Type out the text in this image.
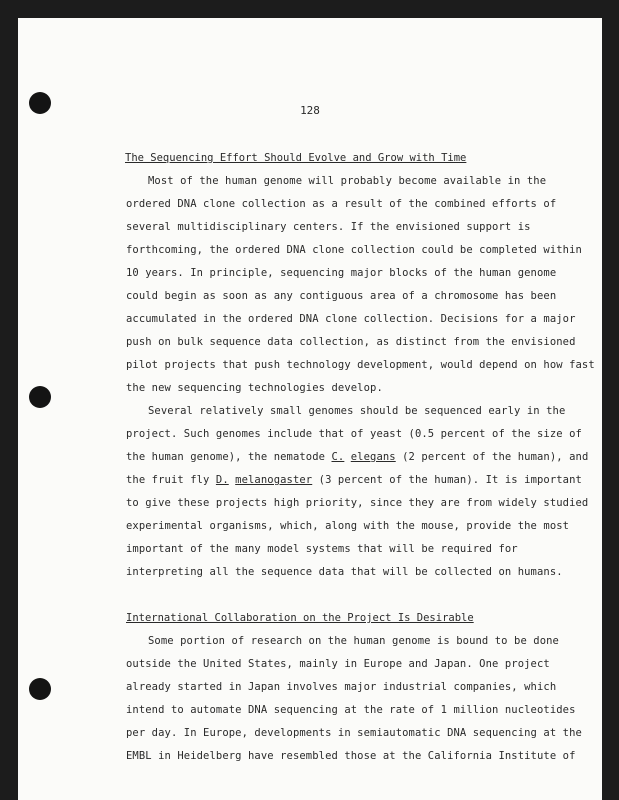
128
The Sequencing Effort Should Evolve and Grow with Time
Most of the human genome will probably become available in the
ordered DNA clone collection as a result of the combined efforts of
several multidisciplinary centers. If the envisioned support is
forthcoming, the ordered DNA clone collection could be completed within
10 years. In principle, sequencing major blocks of the human genome
could begin as soon as any contiguous area of a chromosome has been
accumulated in the ordered DNA clone collection. Decisions for a major
push on bulk sequence data collection, as distinct from the envisioned
pilot projects that push technology development, would depend on how fast
the new sequencing technologies develop.
Several relatively small genomes should be sequenced early in the
project. Such genomes include that of yeast (0.5 percent of the size of
the human genome), the nematode C. elegans (2 percent of the human), and
the fruit fly D. melanogaster (3 percent of the human). It is important
to give these projects high priority, since they are from widely studied
experimental organisms, which, along with the mouse, provide the most
important of the many model systems that will be required for
interpreting all the sequence data that will be collected on humans.
International Collaboration on the Project Is Desirable
Some portion of research on the human genome is bound to be done
outside the United States, mainly in Europe and Japan. One project
already started in Japan involves major industrial companies, which
intend to automate DNA sequencing at the rate of 1 million nucleotides
per day. In Europe, developments in semiautomatic DNA sequencing at the
EMBL in Heidelberg have resembled those at the California Institute of
